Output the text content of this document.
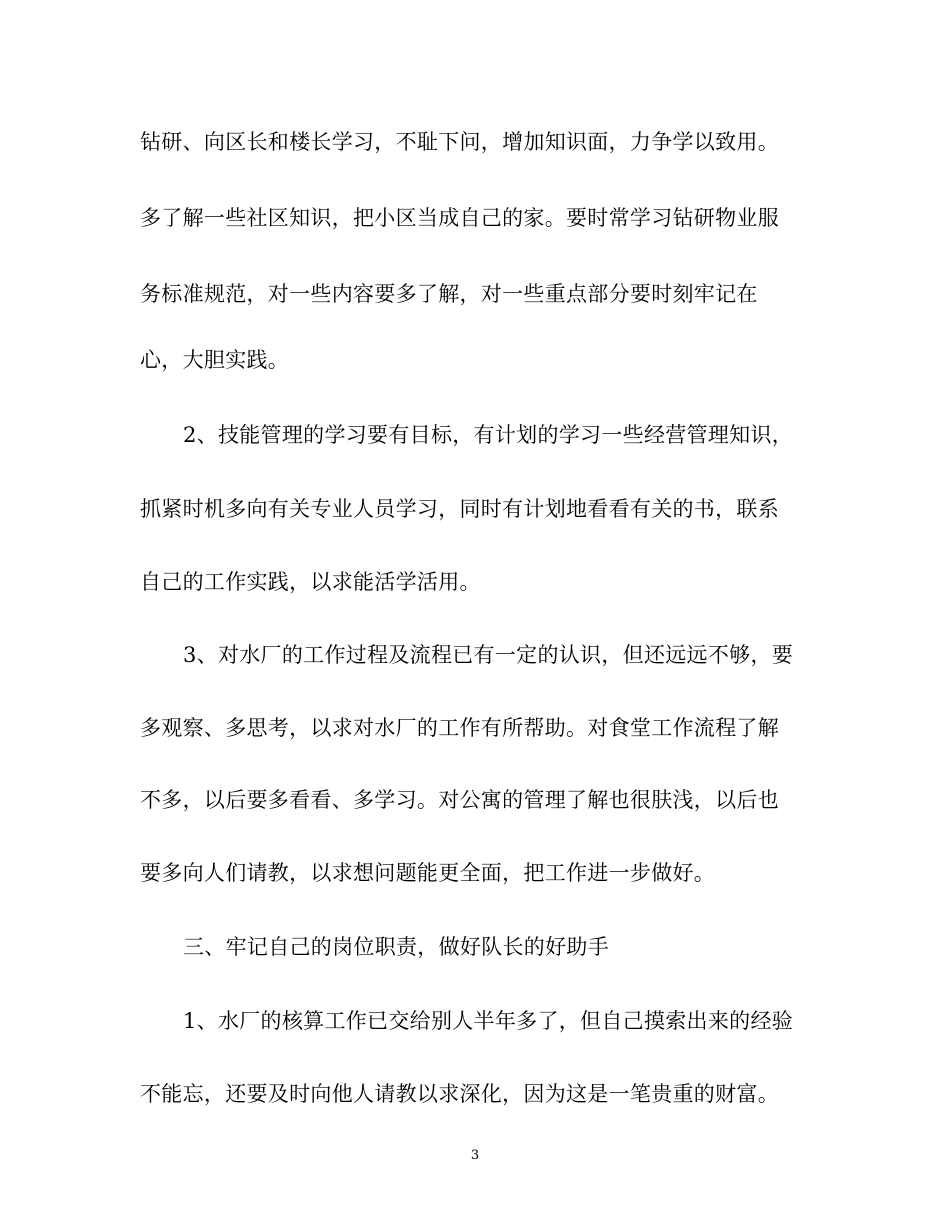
钻研、向区长和楼长学习，不耻下问，增加知识面，力争学以致用。
多了解一些社区知识，把小区当成自己的家。要时常学习钻研物业服
务标准规范，对一些内容要多了解，对一些重点部分要时刻牢记在
心，大胆实践。
2、技能管理的学习要有目标，有计划的学习一些经营管理知识，
抓紧时机多向有关专业人员学习，同时有计划地看看有关的书，联系
自己的工作实践，以求能活学活用。
3、对水厂的工作过程及流程已有一定的认识，但还远远不够，要
多观察、多思考，以求对水厂的工作有所帮助。对食堂工作流程了解
不多，以后要多看看、多学习。对公寓的管理了解也很肤浅，以后也
要多向人们请教，以求想问题能更全面，把工作进一步做好。
三、牢记自己的岗位职责，做好队长的好助手
1、水厂的核算工作已交给别人半年多了，但自己摸索出来的经验
不能忘，还要及时向他人请教以求深化，因为这是一笔贵重的财富。
3
